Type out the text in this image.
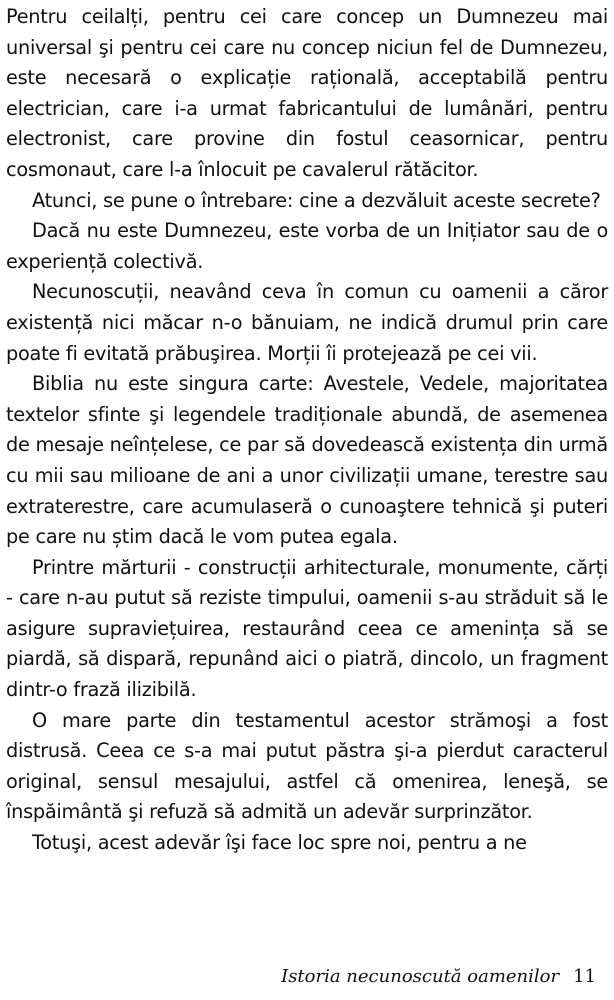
Pentru ceilalți, pentru cei care concep un Dumnezeu mai universal şi pentru cei care nu concep niciun fel de Dumnezeu, este necesară o explicație rațională, acceptabilă pentru electrician, care i-a urmat fabricantului de lumânări, pentru electronist, care provine din fostul ceasornicar, pentru cosmonaut, care l-a înlocuit pe cavalerul rătăcitor.

Atunci, se pune o întrebare: cine a dezvăluit aceste secrete?

Dacă nu este Dumnezeu, este vorba de un Inițiator sau de o experiență colectivă.

Necunoscuții, neavând ceva în comun cu oamenii a căror existență nici măcar n-o bănuiam, ne indică drumul prin care poate fi evitată prăbuşirea. Morții îi protejează pe cei vii.

Biblia nu este singura carte: Avestele, Vedele, majoritatea textelor sfinte şi legendele tradiționale abundă, de asemenea de mesaje neînțelese, ce par să dovedească existența din urmă cu mii sau milioane de ani a unor civilizații umane, terestre sau extraterestre, care acumulaseră o cunoaştere tehnică şi puteri pe care nu știm dacă le vom putea egala.

Printre mărturii - construcții arhitecturale, monumente, cărți - care n-au putut să reziste timpului, oamenii s-au străduit să le asigure supraviețuirea, restaurând ceea ce amenința să se piardă, să dispară, repunând aici o piatră, dincolo, un fragment dintr-o frază ilizibilă.

O mare parte din testamentul acestor strămoşi a fost distrusă. Ceea ce s-a mai putut păstra şi-a pierdut caracterul original, sensul mesajului, astfel că omenirea, leneşă, se înspăimântă şi refuză să admită un adevăr surprinzător.

Totuşi, acest adevăr îşi face loc spre noi, pentru a ne

Istoria necunoscută oamenilor 11
